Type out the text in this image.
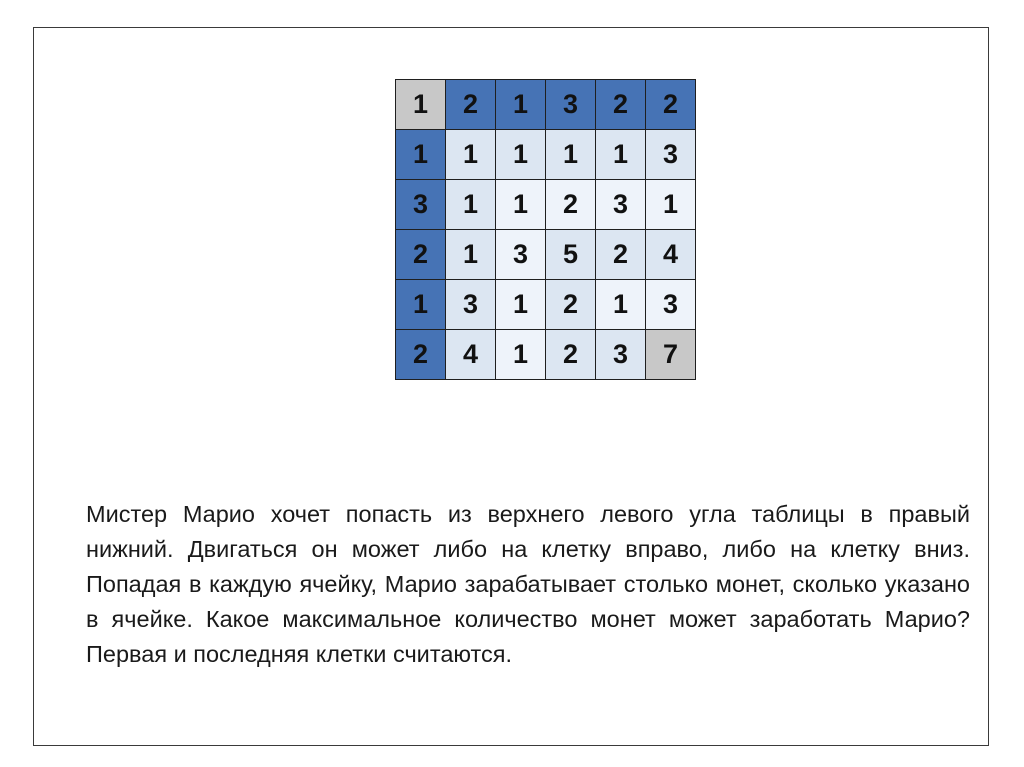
1	2	1	3	2	2
1	1	1	1	1	3
3	1	1	2	3	1
2	1	3	5	2	4
1	3	1	2	1	3
2	4	1	2	3	7

Мистер Марио хочет попасть из верхнего левого угла таблицы в правый нижний. Двигаться он может либо на клетку вправо, либо на клетку вниз. Попадая в каждую ячейку, Марио зарабатывает столько монет, сколько указано в ячейке. Какое максимальное количество монет может заработать Марио? Первая и последняя клетки считаются.
